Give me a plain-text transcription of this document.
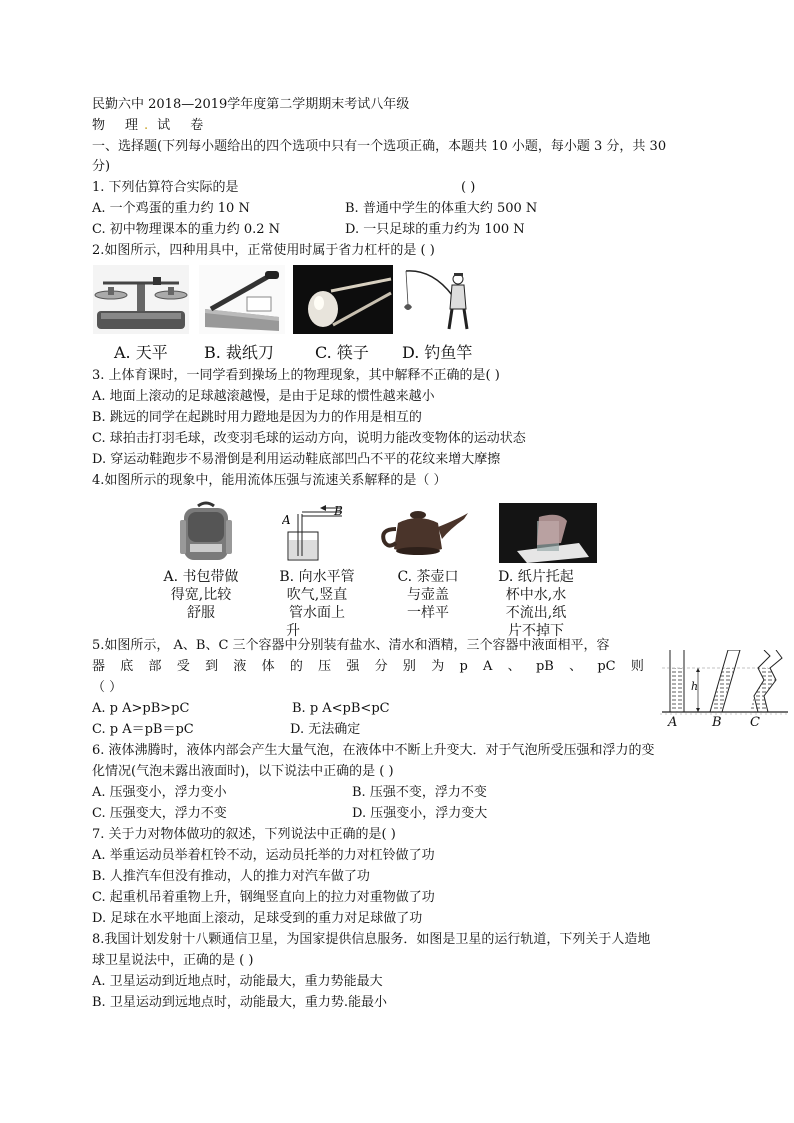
民勤六中 2018—2019学年度第二学期期末考试八年级
物 理 .试 卷
一、选择题(下列每小题给出的四个选项中只有一个选项正确，本题共 10 小题，每小题 3 分，共 30
分)
1. 下列估算符合实际的是	( )
A. 一个鸡蛋的重力约 10 N	B. 普通中学生的体重大约 500 N
C. 初中物理课本的重力约 0.2 N	D. 一只足球的重力约为 100 N
2.如图所示，四种用具中，正常使用时属于省力杠杆的是 ( )
A. 天平 B. 裁纸刀	C. 筷子 D. 钓鱼竿
3. 上体育课时，一同学看到操场上的物理现象，其中解释不正确的是( )
A. 地面上滚动的足球越滚越慢，是由于足球的惯性越来越小
B. 跳远的同学在起跳时用力蹬地是因为力的作用是相互的
C. 球拍击打羽毛球，改变羽毛球的运动方向，说明力能改变物体的运动状态
D. 穿运动鞋跑步不易滑倒是利用运动鞋底部凹凸不平的花纹来增大摩擦
4.如图所示的现象中，能用流体压强与流速关系解释的是（ ）
A
B
A. 书包带做
得宽,比较
舒服
B. 向水平管
吹气,竖直
管水面上
升
C. 茶壶口
与壶盖
一样平
D. 纸片托起
杯中水,水
不流出,纸
片不掉下
5.如图所示， A、B、C 三个容器中分别装有盐水、清水和酒精，三个容器中液面相平，容
器 底 部 受 到 液 体 的 压 强 分 别 为 p A 、 pB 、 pC 则
（ ）
A. p A>pB>pC	B. p A<pB<pC
C. p A＝pB＝pC	D. 无法确定
h
A	B C
6. 液体沸腾时，液体内部会产生大量气泡，在液体中不断上升变大．对于气泡所受压强和浮力的变
化情况(气泡未露出液面时)，以下说法中正确的是 ( )
A. 压强变小，浮力变小	B. 压强不变，浮力不变
C. 压强变大，浮力不变	D. 压强变小，浮力变大
7. 关于力对物体做功的叙述，下列说法中正确的是( )
A. 举重运动员举着杠铃不动，运动员托举的力对杠铃做了功
B. 人推汽车但没有推动，人的推力对汽车做了功
C. 起重机吊着重物上升，钢绳竖直向上的拉力对重物做了功
D. 足球在水平地面上滚动，足球受到的重力对足球做了功
8.我国计划发射十八颗通信卫星，为国家提供信息服务．如图是卫星的运行轨道，下列关于人造地
球卫星说法中，正确的是 ( )
A. 卫星运动到近地点时，动能最大，重力势能最大
B. 卫星运动到远地点时，动能最大，重力势.能最小
